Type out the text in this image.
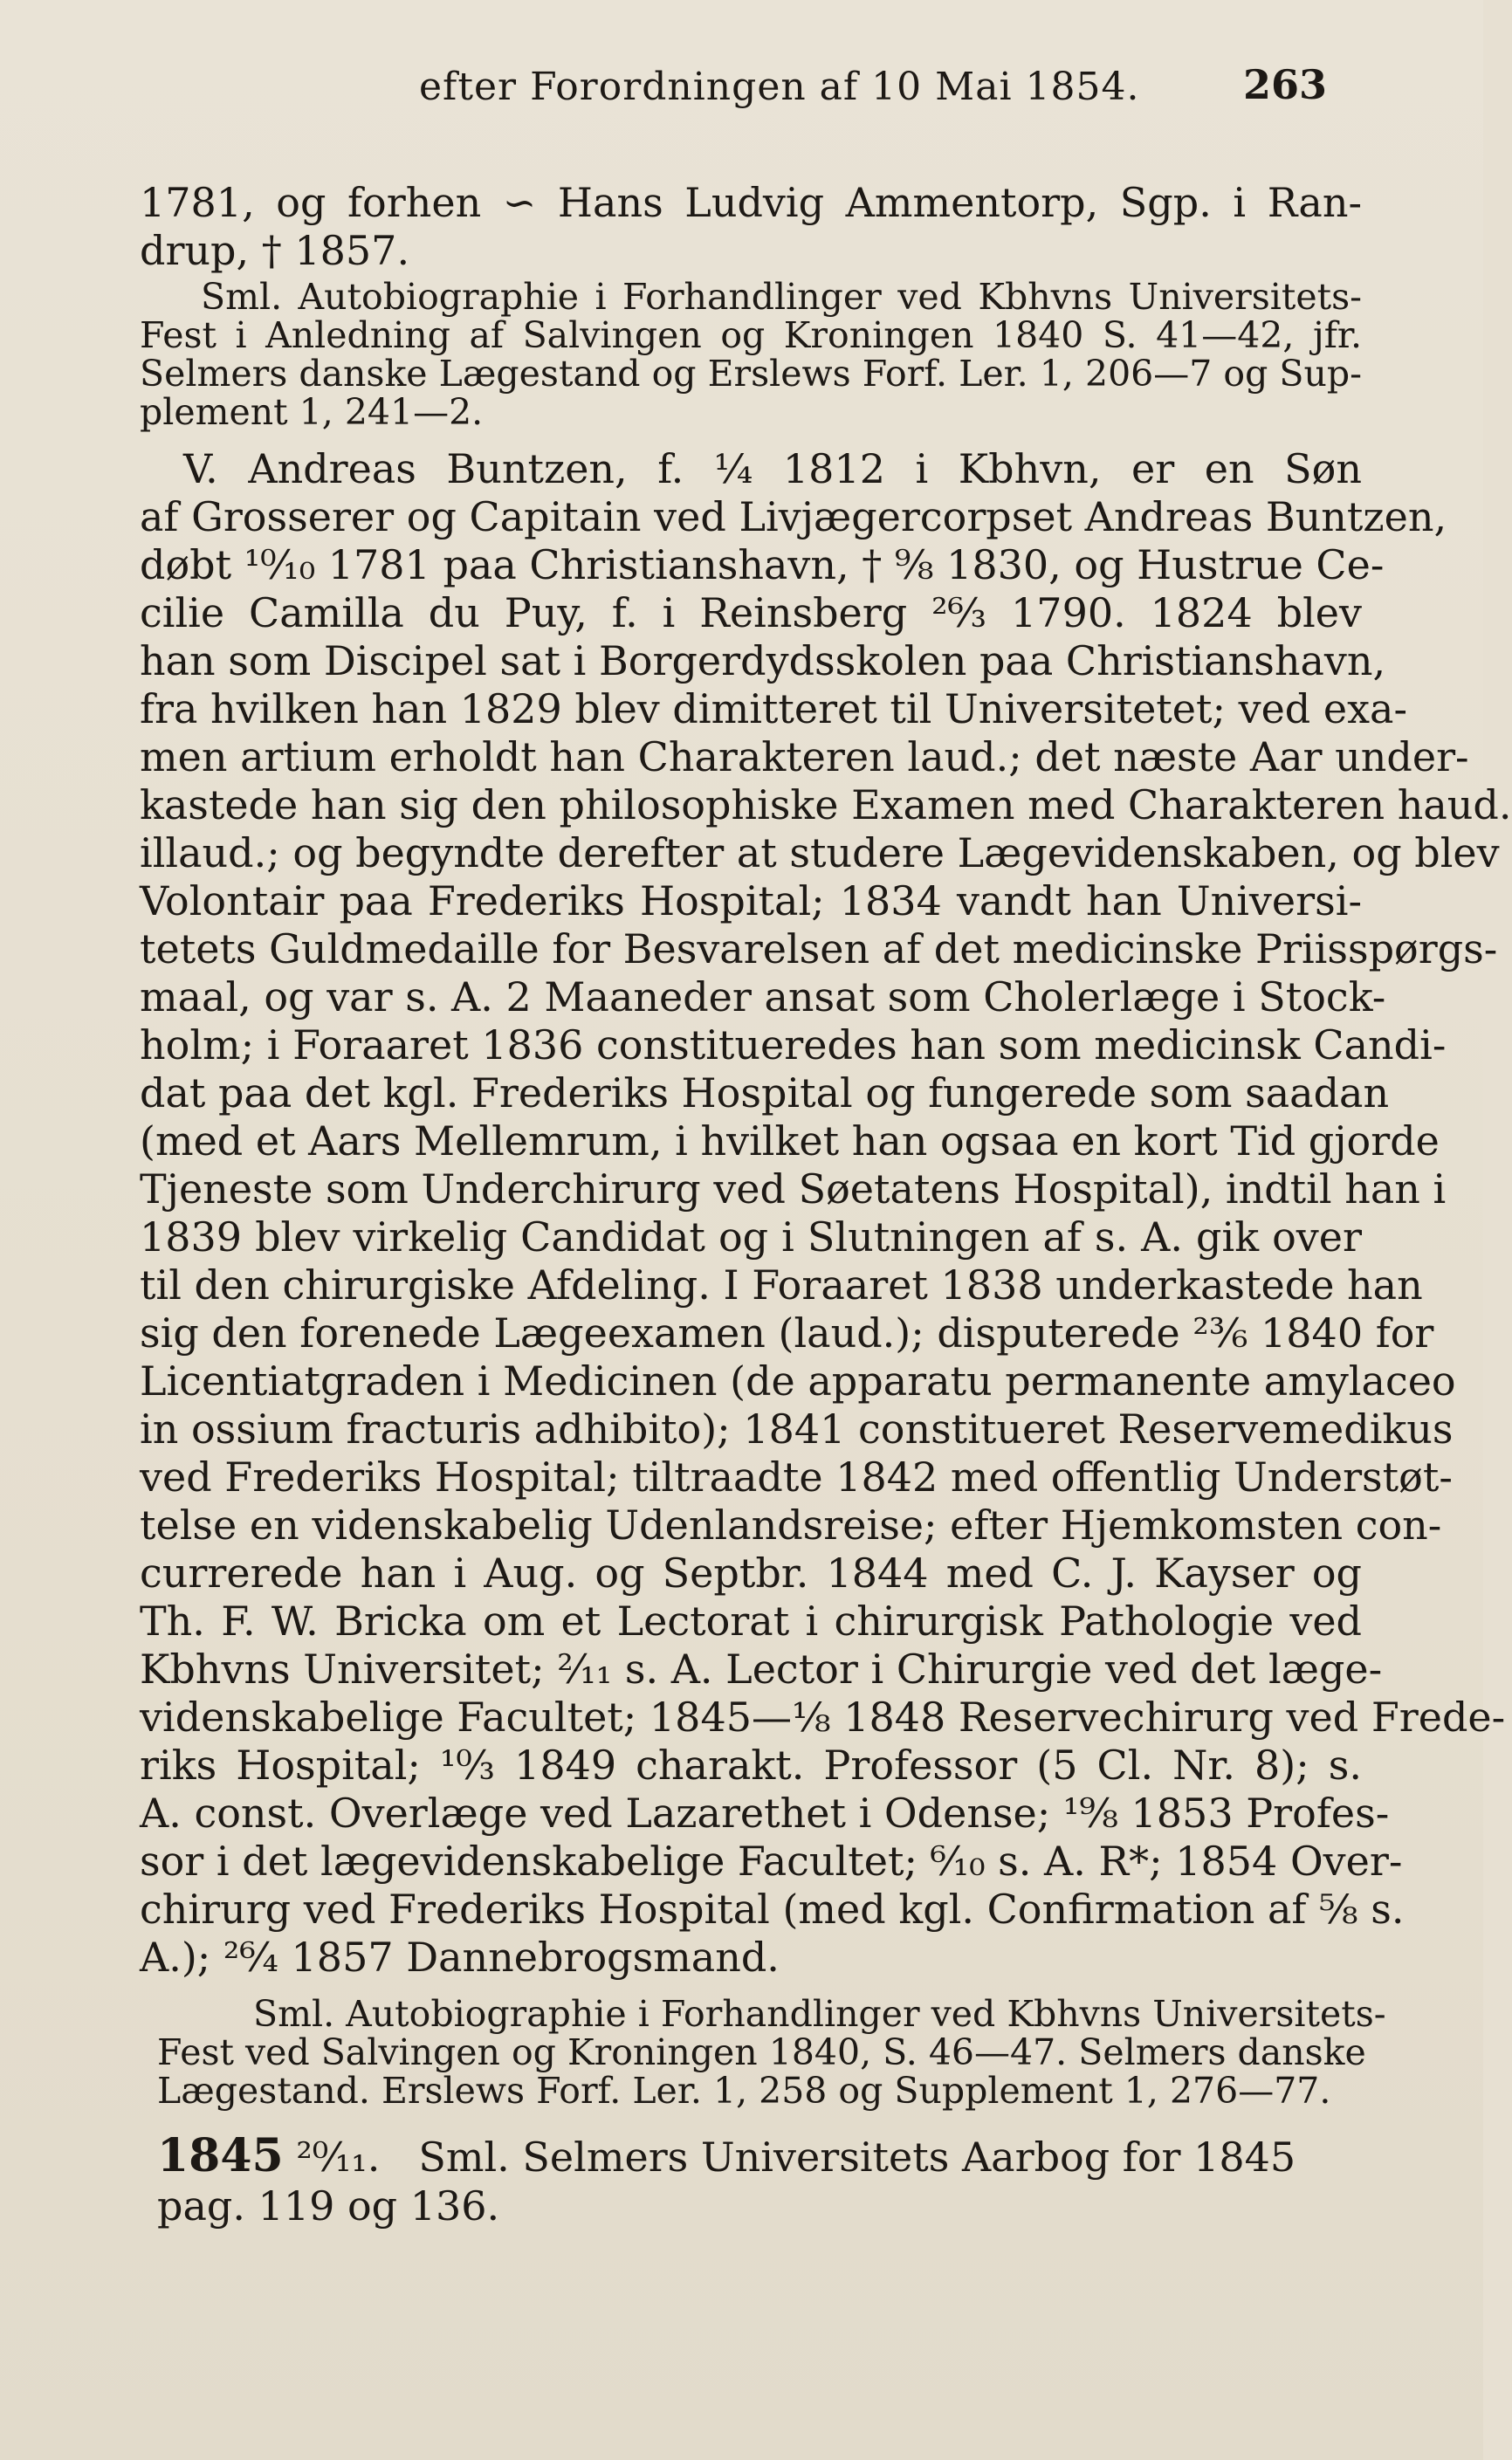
efter Forordningen af 10 Mai 1854.	263
1781, og forhen ∽ Hans Ludvig Ammentorp, Sgp. i Ran-
drup, † 1857.
Sml. Autobiographie i Forhandlinger ved Kbhvns Universitets-
Fest i Anledning af Salvingen og Kroningen 1840 S. 41—42, jfr.
Selmers danske Lægestand og Erslews Forf. Ler. 1, 206—7 og Sup-
plement 1, 241—2.
V. Andreas Buntzen, f. ¼ 1812 i Kbhvn, er en Søn
af Grosserer og Capitain ved Livjægercorpset Andreas Buntzen,
døbt ¹⁰⁄₁₀ 1781 paa Christianshavn, † ⁹⁄₈ 1830, og Hustrue Ce-
cilie Camilla du Puy, f. i Reinsberg ²⁶⁄₃ 1790. 1824 blev
han som Discipel sat i Borgerdydsskolen paa Christianshavn,
fra hvilken han 1829 blev dimitteret til Universitetet; ved exa-
men artium erholdt han Charakteren laud.; det næste Aar under-
kastede han sig den philosophiske Examen med Charakteren haud.
illaud.; og begyndte derefter at studere Lægevidenskaben, og blev
Volontair paa Frederiks Hospital; 1834 vandt han Universi-
tetets Guldmedaille for Besvarelsen af det medicinske Priisspørgs-
maal, og var s. A. 2 Maaneder ansat som Cholerlæge i Stock-
holm; i Foraaret 1836 constitueredes han som medicinsk Candi-
dat paa det kgl. Frederiks Hospital og fungerede som saadan
(med et Aars Mellemrum, i hvilket han ogsaa en kort Tid gjorde
Tjeneste som Underchirurg ved Søetatens Hospital), indtil han i
1839 blev virkelig Candidat og i Slutningen af s. A. gik over
til den chirurgiske Afdeling. I Foraaret 1838 underkastede han
sig den forenede Lægeexamen (laud.); disputerede ²³⁄₆ 1840 for
Licentiatgraden i Medicinen (de apparatu permanente amylaceo
in ossium fracturis adhibito); 1841 constitueret Reservemedikus
ved Frederiks Hospital; tiltraadte 1842 med offentlig Understøt-
telse en videnskabelig Udenlandsreise; efter Hjemkomsten con-
currerede han i Aug. og Septbr. 1844 med C. J. Kayser og
Th. F. W. Bricka om et Lectorat i chirurgisk Pathologie ved
Kbhvns Universitet; ²⁄₁₁ s. A. Lector i Chirurgie ved det læge-
videnskabelige Facultet; 1845—⅛ 1848 Reservechirurg ved Frede-
riks Hospital; ¹⁰⁄₃ 1849 charakt. Professor (5 Cl. Nr. 8); s.
A. const. Overlæge ved Lazarethet i Odense; ¹⁹⁄₈ 1853 Profes-
sor i det lægevidenskabelige Facultet; ⁶⁄₁₀ s. A. R*; 1854 Over-
chirurg ved Frederiks Hospital (med kgl. Confirmation af ⅝ s.
A.); ²⁶⁄₄ 1857 Dannebrogsmand.
Sml. Autobiographie i Forhandlinger ved Kbhvns Universitets-
Fest ved Salvingen og Kroningen 1840, S. 46—47. Selmers danske
Lægestand. Erslews Forf. Ler. 1, 258 og Supplement 1, 276—77.
1845 ²⁰⁄₁₁. Sml. Selmers Universitets Aarbog for 1845
pag. 119 og 136.
